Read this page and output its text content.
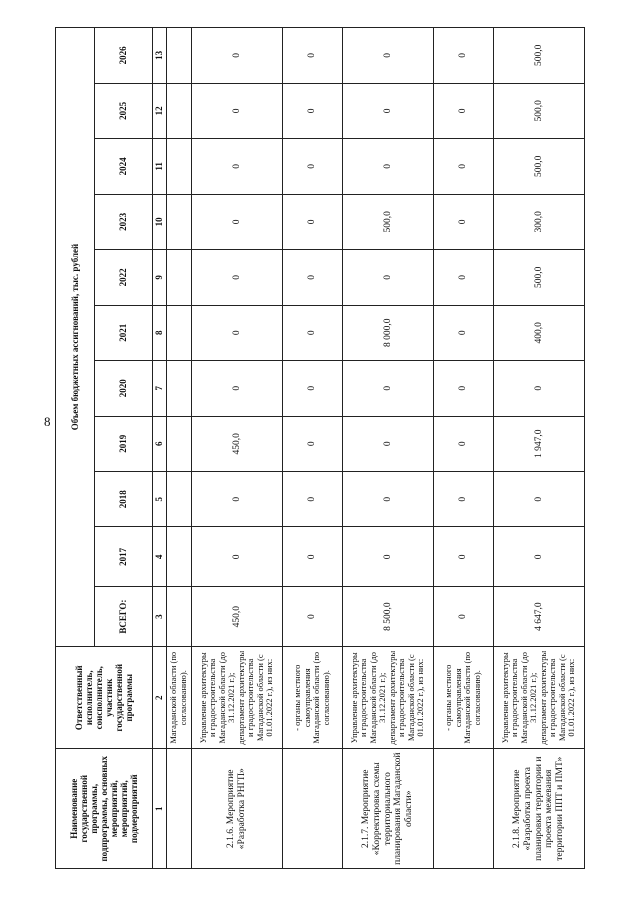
8
Наименование государственной программы, подпрограммы, основных мероприятий, мероприятий, подмероприятий	Ответственный исполнитель, соисполнитель, участник государственной программы	Объем бюджетных ассигнований, тыс. рублей										
		ВСЕГО:	2017	2018	2019	2020	2021	2022	2023	2024	2025	2026
1	2	3	4	5	6	7	8	9	10	11	12	13
	Магаданской области (по согласованию).											
2.1.6. Мероприятие «Разработка РНГП»	Управление архитектуры и градостроительства Магаданской области (до 31.12.2021 г.); департамент архитектуры и градостроительства Магаданской области (с 01.01.2022 г.), из них:	450,0	0	0	450,0	0	0	0	0	0	0	0
	- органы местного самоуправления Магаданской области (по согласованию).	0	0	0	0	0	0	0	0	0	0	0
2.1.7. Мероприятие «Корректировка схемы территориального планирования Магаданской области»	Управление архитектуры и градостроительства Магаданской области (до 31.12.2021 г.); департамент архитектуры и градостроительства Магаданской области (с 01.01.2022 г.), из них:	8 500,0	0	0	0	0	8 000,0	0	500,0	0	0	0
	- органы местного самоуправления Магаданской области (по согласованию).	0	0	0	0	0	0	0	0	0	0	0
2.1.8. Мероприятие «Разработка проекта планировки территории и проекта межевания территории ППТ и ПМТ»	Управление архитектуры и градостроительства Магаданской области (до 31.12.2021 г.); департамент архитектуры и градостроительства Магаданской области (с 01.01.2022 г.), из них:	4 647,0	0	0	1 947,0	0	400,0	500,0	300,0	500,0	500,0	500,0
